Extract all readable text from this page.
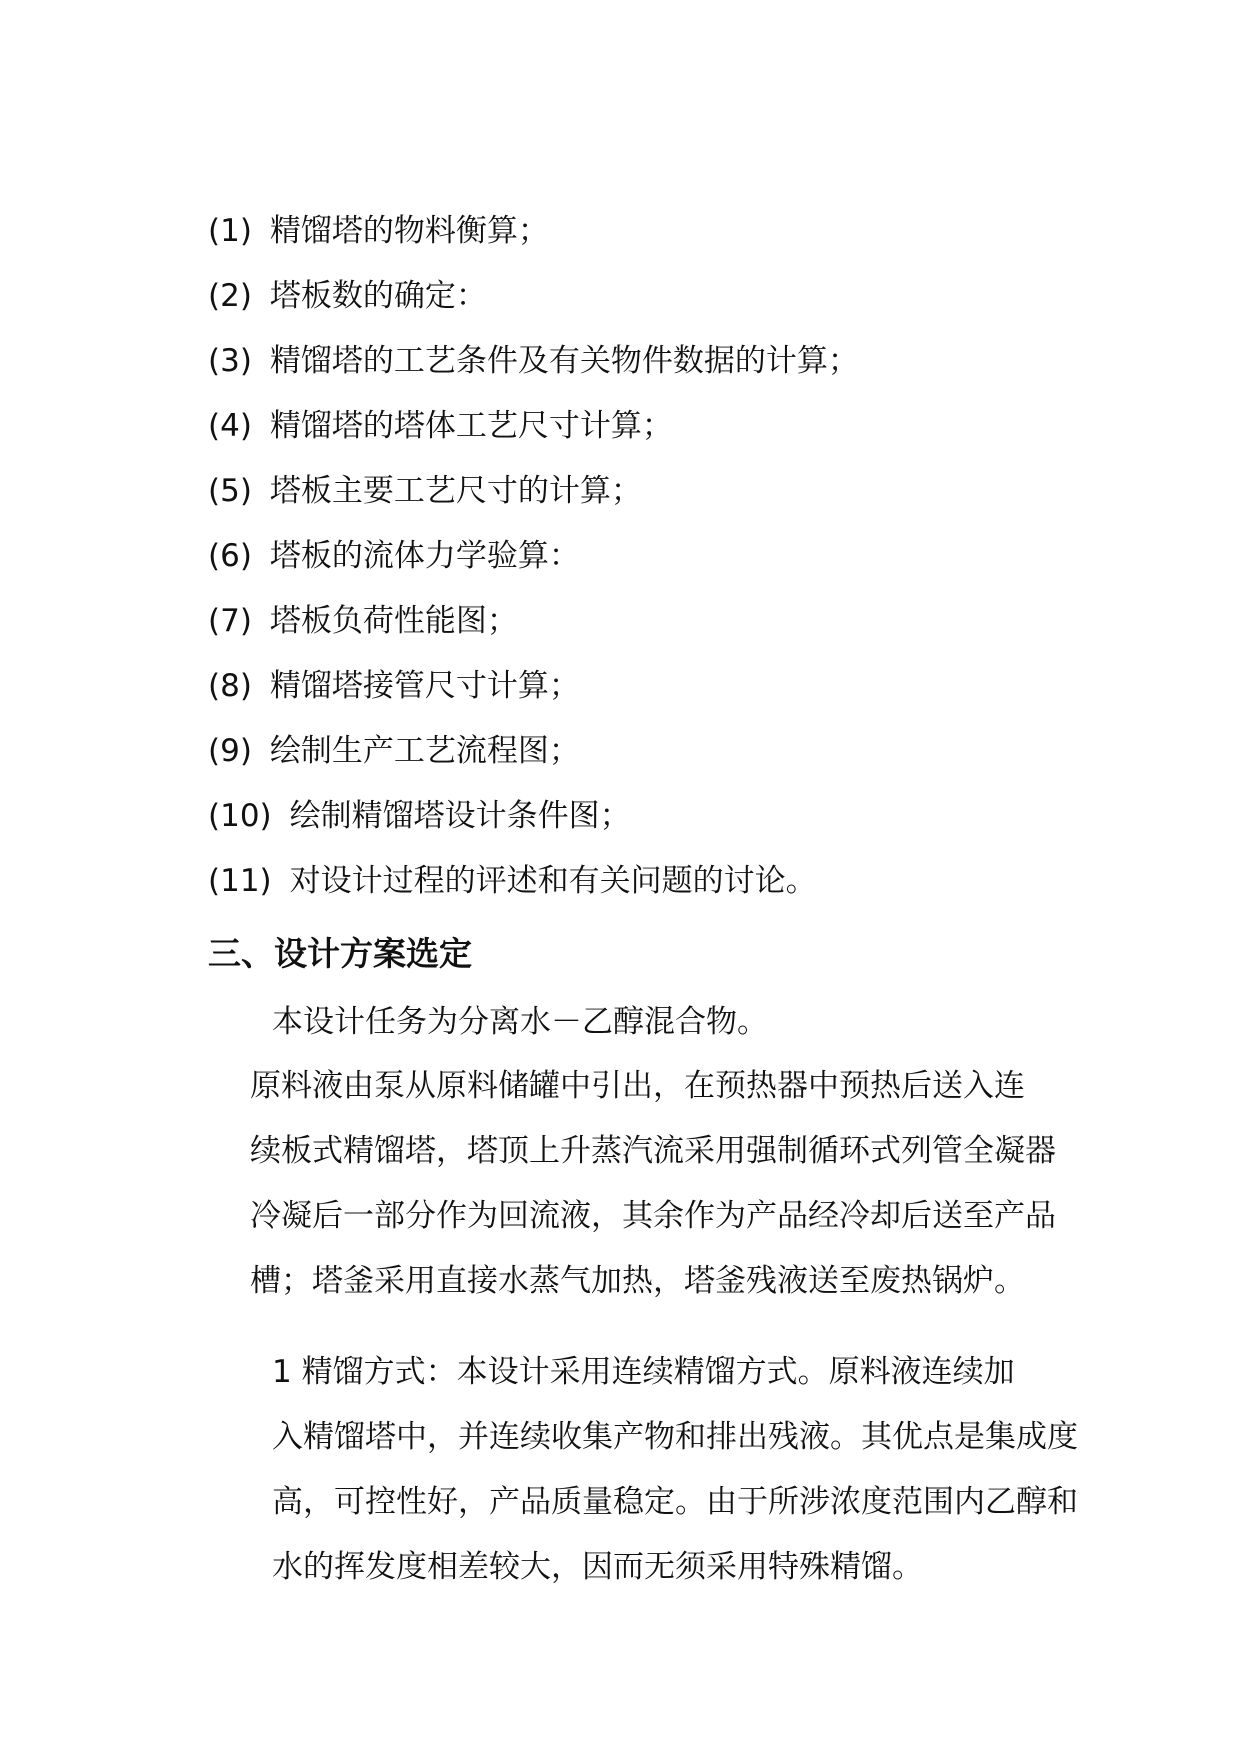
(1) 精馏塔的物料衡算；
(2) 塔板数的确定：
(3) 精馏塔的工艺条件及有关物件数据的计算；
(4) 精馏塔的塔体工艺尺寸计算；
(5) 塔板主要工艺尺寸的计算；
(6) 塔板的流体力学验算：
(7) 塔板负荷性能图；
(8) 精馏塔接管尺寸计算；
(9) 绘制生产工艺流程图；
(10) 绘制精馏塔设计条件图；
(11) 对设计过程的评述和有关问题的讨论。
三、设计方案选定

本设计任务为分离水－乙醇混合物。

原料液由泵从原料储罐中引出，在预热器中预热后送入连
续板式精馏塔，塔顶上升蒸汽流采用强制循环式列管全凝器
冷凝后一部分作为回流液，其余作为产品经冷却后送至产品
槽；塔釜采用直接水蒸气加热，塔釜残液送至废热锅炉。

1 精馏方式：本设计采用连续精馏方式。原料液连续加
入精馏塔中，并连续收集产物和排出残液。其优点是集成度
高，可控性好，产品质量稳定。由于所涉浓度范围内乙醇和
水的挥发度相差较大，因而无须采用特殊精馏。
